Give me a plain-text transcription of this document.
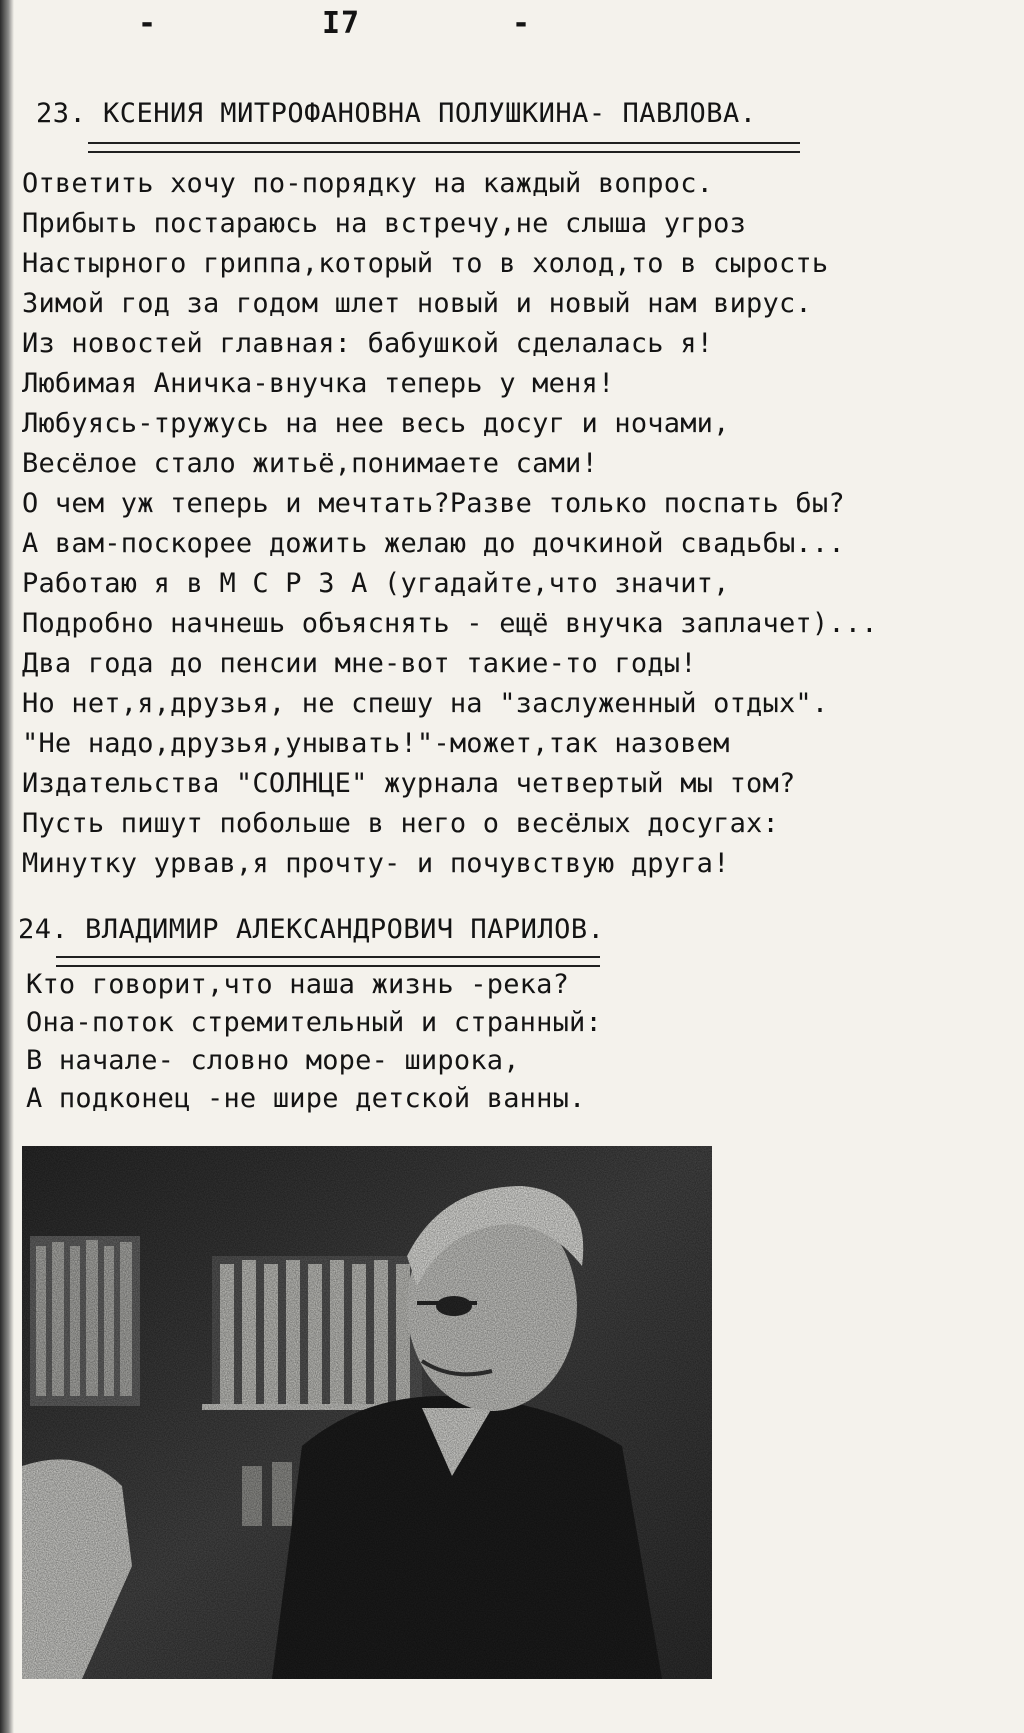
-	I7	-
23. КСЕНИЯ МИТРОФАНОВНА ПОЛУШКИНА- ПАВЛОВА.
Ответить хочу по-порядку на каждый вопрос.
Прибыть постараюсь на встречу,не слыша угроз
Настырного гриппа,который то в холод,то в сырость
Зимой год за годом шлет новый и новый нам вирус.
Из новостей главная: бабушкой сделалась я!
Любимая Аничка-внучка теперь у меня!
Любуясь-тружусь на нее весь досуг и ночами,
Весёлое стало житьё,понимаете сами!
О чем уж теперь и мечтать?Разве только поспать бы?
А вам-поскорее дожить желаю до дочкиной свадьбы...
Работаю я в М С Р З А (угадайте,что значит,
Подробно начнешь объяснять - ещё внучка заплачет)...
Два года до пенсии мне-вот такие-то годы!
Но нет,я,друзья, не спешу на "заслуженный отдых".
"Не надо,друзья,унывать!"-может,так назовем
Издательства "СОЛНЦЕ" журнала четвертый мы том?
Пусть пишут побольше в него о весёлых досугах:
Минутку урвав,я прочту- и почувствую друга!
24. ВЛАДИМИР АЛЕКСАНДРОВИЧ ПАРИЛОВ.
Кто говорит,что наша жизнь -река?
Она-поток стремительный и странный:
В начале- словно море- широка,
А подконец -не шире детской ванны.
